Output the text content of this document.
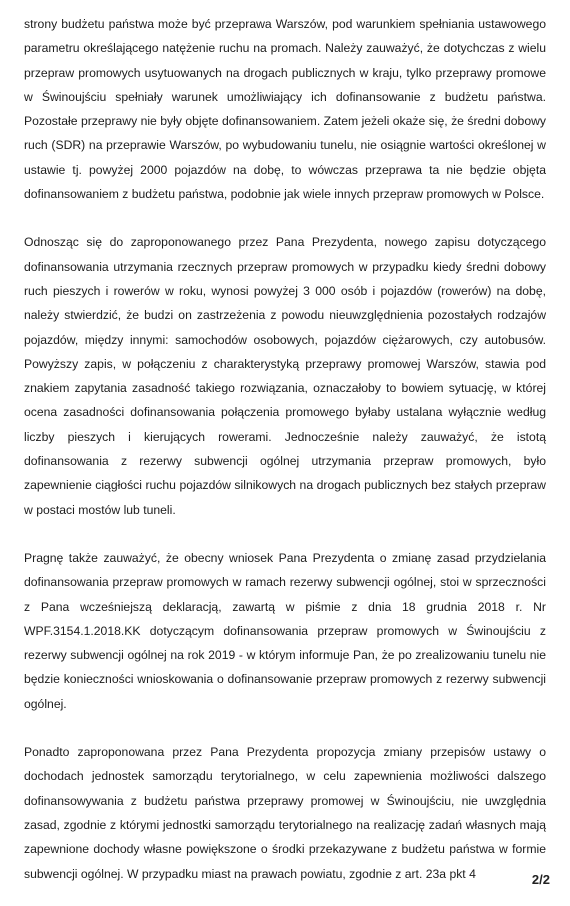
strony budżetu państwa może być przeprawa Warszów, pod warunkiem spełniania ustawowego parametru określającego natężenie ruchu na promach. Należy zauważyć, że dotychczas z wielu przepraw promowych usytuowanych na drogach publicznych w kraju, tylko przeprawy promowe w Świnoujściu spełniały warunek umożliwiający ich dofinansowanie z budżetu państwa. Pozostałe przeprawy nie były objęte dofinansowaniem. Zatem jeżeli okaże się, że średni dobowy ruch (SDR) na przeprawie Warszów, po wybudowaniu tunelu, nie osiągnie wartości określonej w ustawie tj. powyżej 2000 pojazdów na dobę, to wówczas przeprawa ta nie będzie objęta dofinansowaniem z budżetu państwa, podobnie jak wiele innych przepraw promowych w Polsce.

Odnosząc się do zaproponowanego przez Pana Prezydenta, nowego zapisu dotyczącego dofinansowania utrzymania rzecznych przepraw promowych w przypadku kiedy średni dobowy ruch pieszych i rowerów w roku, wynosi powyżej 3 000 osób i pojazdów (rowerów) na dobę, należy stwierdzić, że budzi on zastrzeżenia z powodu nieuwzględnienia pozostałych rodzajów pojazdów, między innymi: samochodów osobowych, pojazdów ciężarowych, czy autobusów. Powyższy zapis, w połączeniu z charakterystyką przeprawy promowej Warszów, stawia pod znakiem zapytania zasadność takiego rozwiązania, oznaczałoby to bowiem sytuację, w której ocena zasadności dofinansowania połączenia promowego byłaby ustalana wyłącznie według liczby pieszych i kierujących rowerami. Jednocześnie należy zauważyć, że istotą dofinansowania z rezerwy subwencji ogólnej utrzymania przepraw promowych, było zapewnienie ciągłości ruchu pojazdów silnikowych na drogach publicznych bez stałych przepraw w postaci mostów lub tuneli.

Pragnę także zauważyć, że obecny wniosek Pana Prezydenta o zmianę zasad przydzielania dofinansowania przepraw promowych w ramach rezerwy subwencji ogólnej, stoi w sprzeczności z Pana wcześniejszą deklaracją, zawartą w piśmie z dnia 18 grudnia 2018 r. Nr WPF.3154.1.2018.KK dotyczącym dofinansowania przepraw promowych w Świnoujściu z rezerwy subwencji ogólnej na rok 2019 - w którym informuje Pan, że po zrealizowaniu tunelu nie będzie konieczności wnioskowania o dofinansowanie przepraw promowych z rezerwy subwencji ogólnej.

Ponadto zaproponowana przez Pana Prezydenta propozycja zmiany przepisów ustawy o dochodach jednostek samorządu terytorialnego, w celu zapewnienia możliwości dalszego dofinansowywania z budżetu państwa przeprawy promowej w Świnoujściu, nie uwzględnia zasad, zgodnie z którymi jednostki samorządu terytorialnego na realizację zadań własnych mają zapewnione dochody własne powiększone o środki przekazywane z budżetu państwa w formie subwencji ogólnej. W przypadku miast na prawach powiatu, zgodnie z art. 23a pkt 4	2/2
